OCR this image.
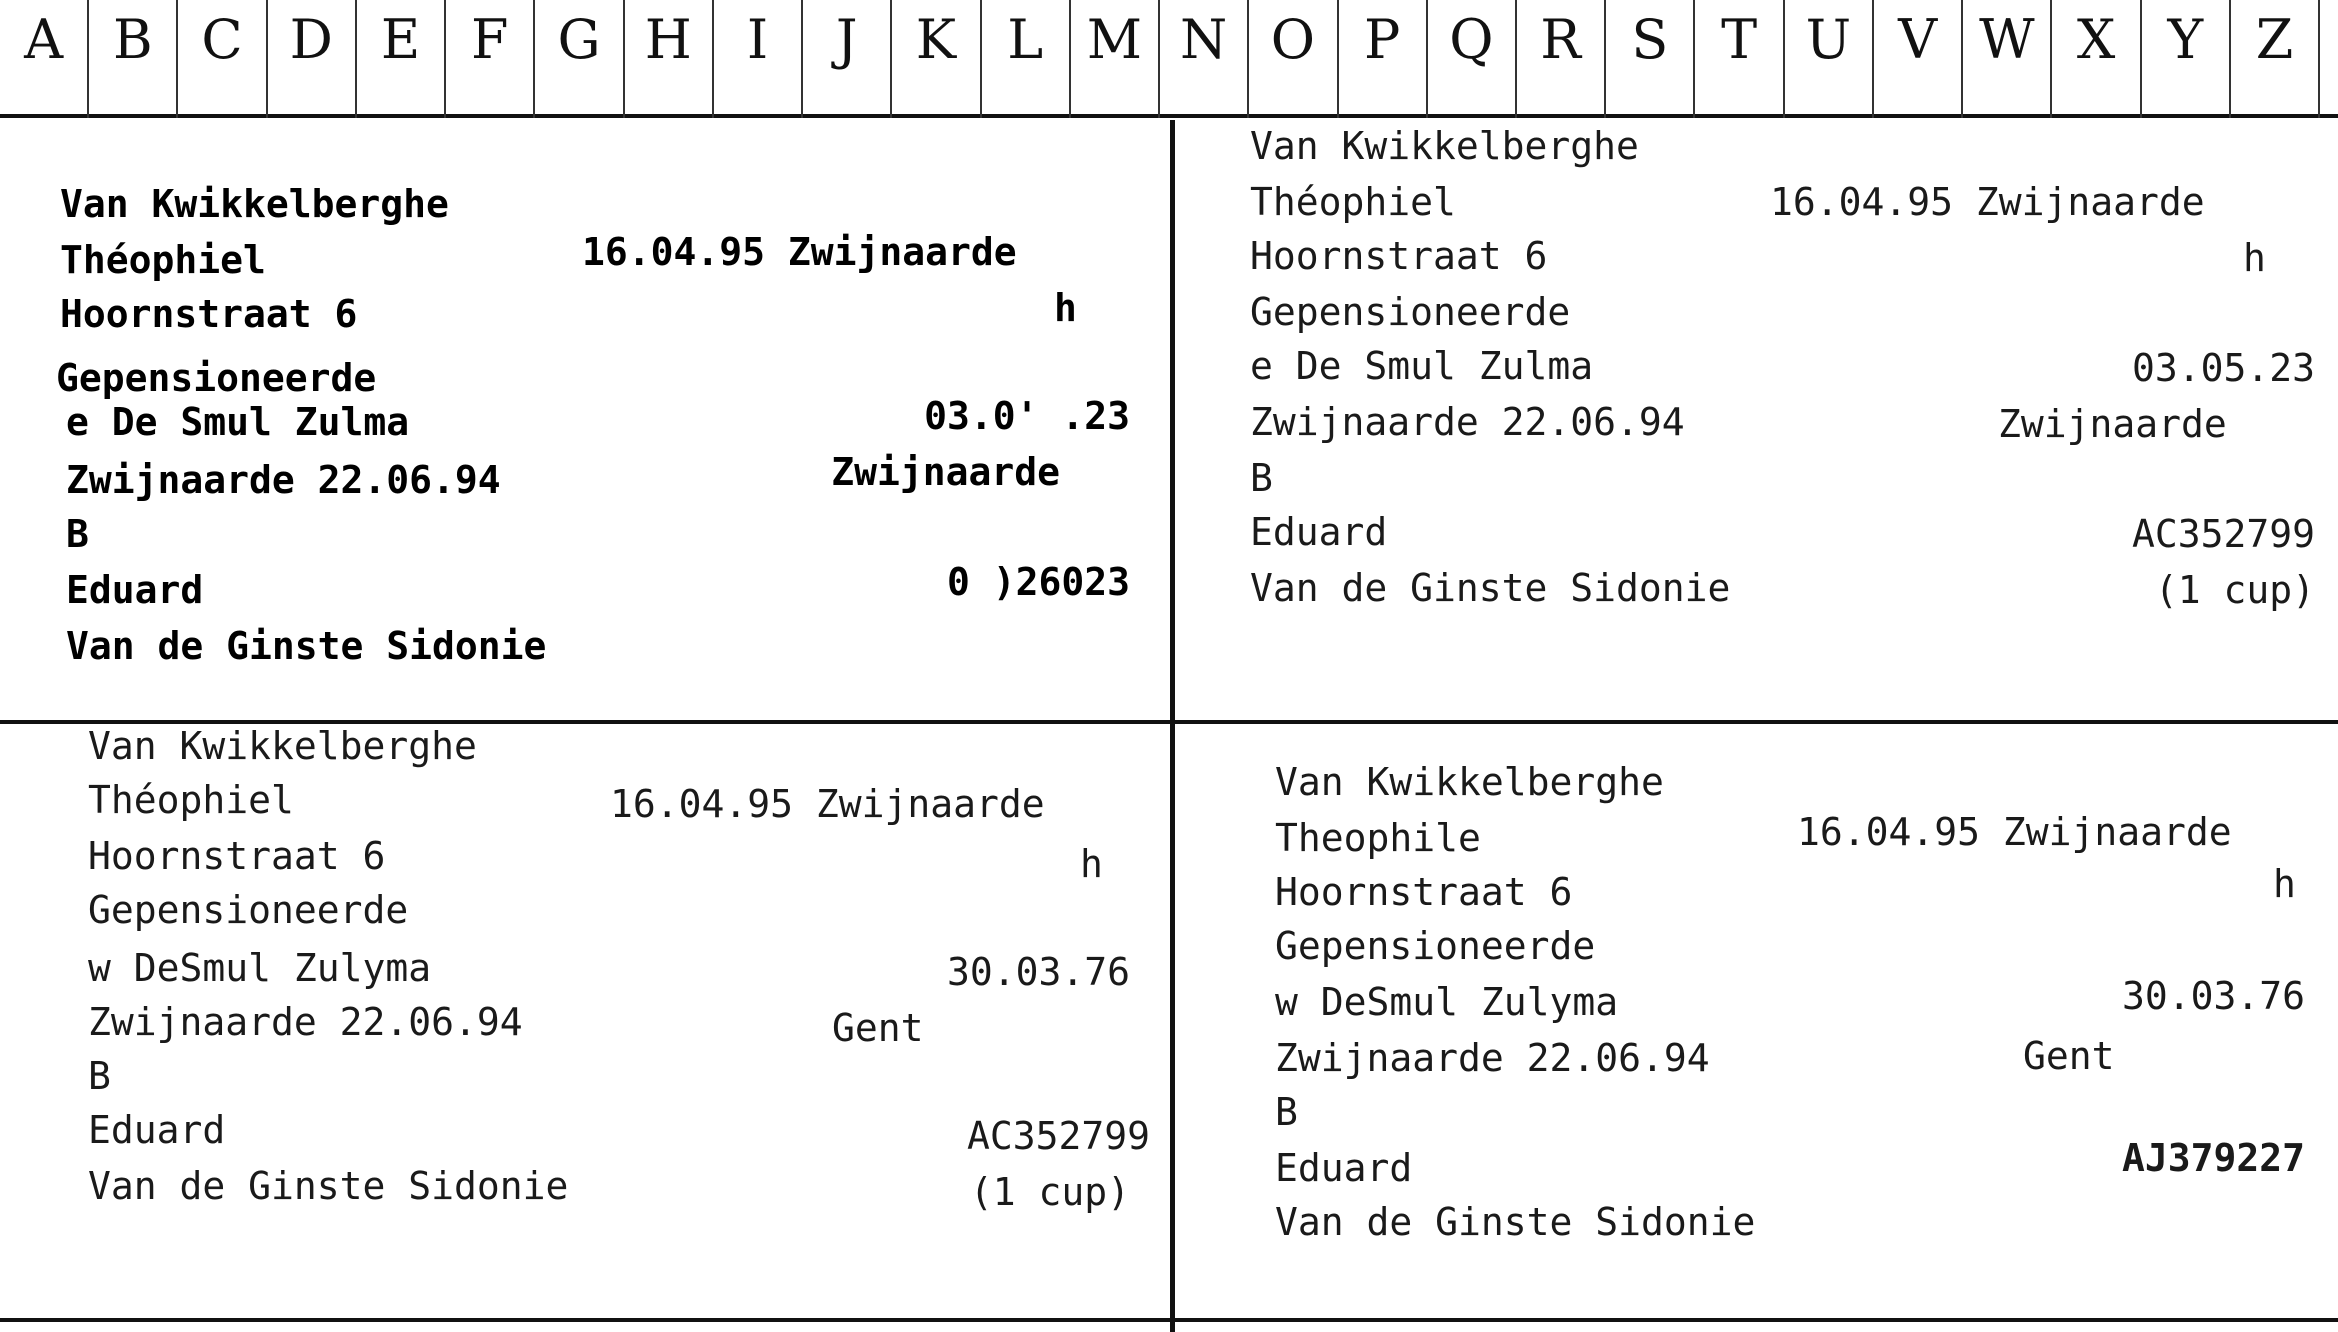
A B C D E F G H	I	J	K L M N O P Q R S T U V W X Y Z
Van Kwikkelberghe
Théophiel	16.04.95 Zwijnaarde
Hoornstraat 6	h
Gepensioneerde
e De Smul Zulma	03.0' .23
Zwijnaarde 22.06.94	Zwijnaarde
B
Eduard	0 )26023
Van de Ginste Sidonie
Van Kwikkelberghe
Théophiel	16.04.95 Zwijnaarde
Hoornstraat 6	h
Gepensioneerde
e De Smul Zulma	03.05.23
Zwijnaarde 22.06.94	Zwijnaarde
B
Eduard	AC352799
Van de Ginste Sidonie	(1 cup)
Van Kwikkelberghe
Théophiel	16.04.95 Zwijnaarde
Hoornstraat 6	h
Gepensioneerde
w DeSmul Zulyma	30.03.76
Zwijnaarde 22.06.94	Gent
B
Eduard	AC352799
Van de Ginste Sidonie	(1 cup)
Van Kwikkelberghe
Theophile	16.04.95 Zwijnaarde
Hoornstraat 6	h
Gepensioneerde
w DeSmul Zulyma	30.03.76
Zwijnaarde 22.06.94	Gent
B
Eduard	AJ379227
Van de Ginste Sidonie
